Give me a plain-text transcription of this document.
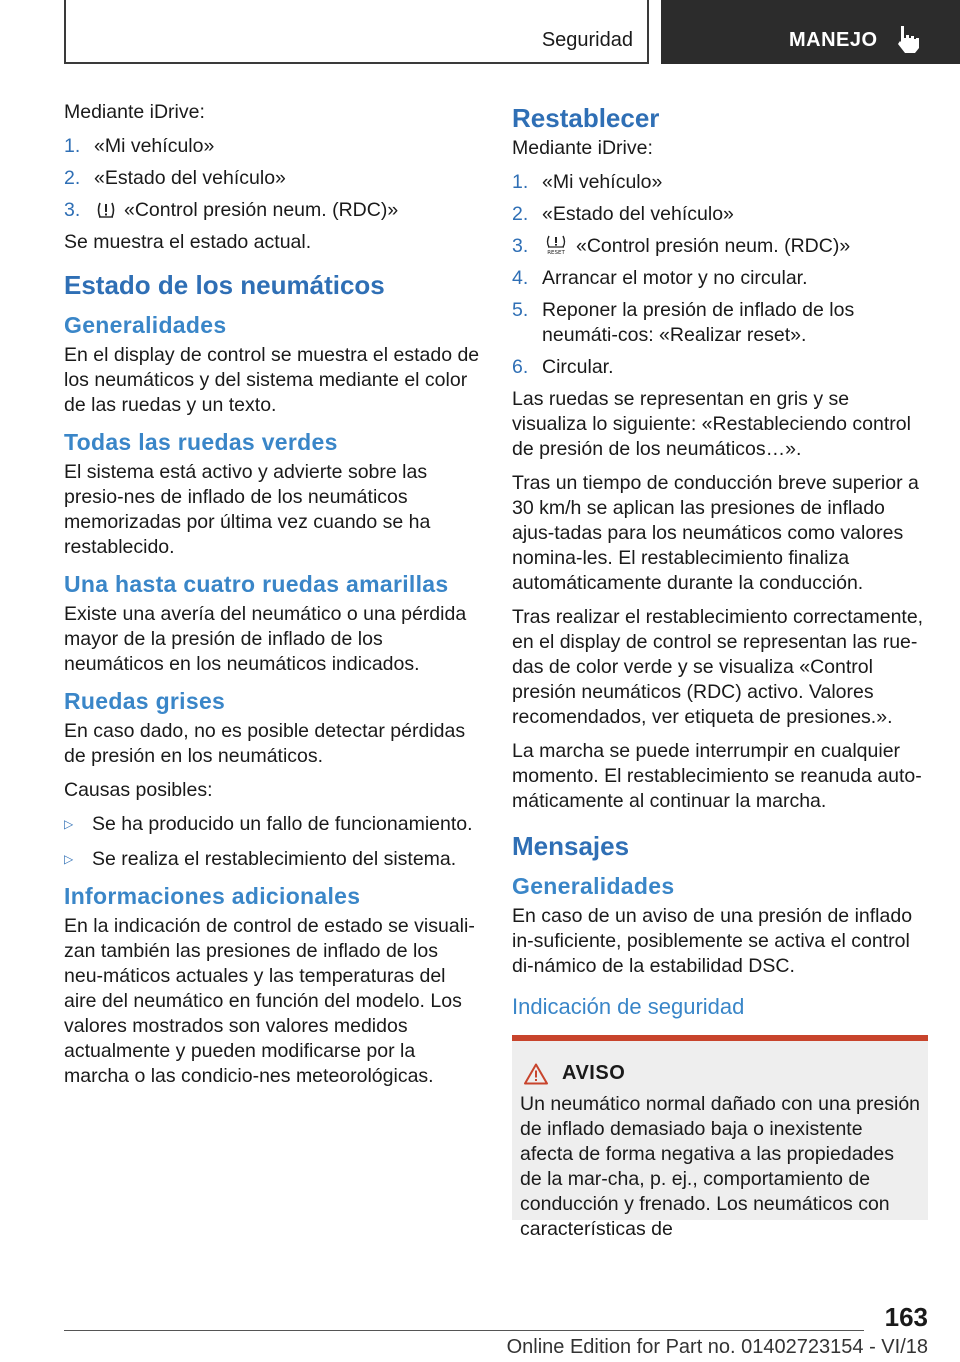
Seguridad	MANEJO

Mediante iDrive:

1. «Mi vehículo»
2. «Estado del vehículo»
3.	«Control presión neum. (RDC)»

Se muestra el estado actual.

Estado de los neumáticos
Generalidades

En el display de control se muestra el estado de los neumáticos y del sistema mediante el color de las ruedas y un texto.

Todas las ruedas verdes

El sistema está activo y advierte sobre las presio-nes de inflado de los neumáticos memorizadas por última vez cuando se ha restablecido.

Una hasta cuatro ruedas amarillas

Existe una avería del neumático o una pérdida mayor de la presión de inflado de los neumáticos en los neumáticos indicados.

Ruedas grises

En caso dado, no es posible detectar pérdidas de presión en los neumáticos.

Causas posibles:

▷ Se ha producido un fallo de funcionamiento.
▷ Se realiza el restablecimiento del sistema.
Informaciones adicionales

En la indicación de control de estado se visuali-zan también las presiones de inflado de los neu-máticos actuales y las temperaturas del aire del neumático en función del modelo. Los valores mostrados son valores medidos actualmente y pueden modificarse por la marcha o las condicio-nes meteorológicas.

Restablecer

Mediante iDrive:

1. «Mi vehículo»
2. «Estado del vehículo»
3.	RESET «Control presión neum. (RDC)»
4. Arrancar el motor y no circular.
5. Reponer la presión de inflado de los neumáti-cos: «Realizar reset».
6. Circular.

Las ruedas se representan en gris y se visualiza lo siguiente: «Restableciendo control de presión de los neumáticos…».

Tras un tiempo de conducción breve superior a 30 km/h se aplican las presiones de inflado ajus-tadas para los neumáticos como valores nomina-les. El restablecimiento finaliza automáticamente durante la conducción.

Tras realizar el restablecimiento correctamente, en el display de control se representan las rue-das de color verde y se visualiza «Control presión neumáticos (RDC) activo. Valores recomendados, ver etiqueta de presiones.».

La marcha se puede interrumpir en cualquier momento. El restablecimiento se reanuda auto-máticamente al continuar la marcha.

Mensajes
Generalidades

En caso de un aviso de una presión de inflado in-suficiente, posiblemente se activa el control di-námico de la estabilidad DSC.

Indicación de seguridad
AVISO

Un neumático normal dañado con una presión de inflado demasiado baja o inexistente afecta de forma negativa a las propiedades de la mar-cha, p. ej., comportamiento de conducción y frenado. Los neumáticos con características de

163
Online Edition for Part no. 01402723154 - VI/18
